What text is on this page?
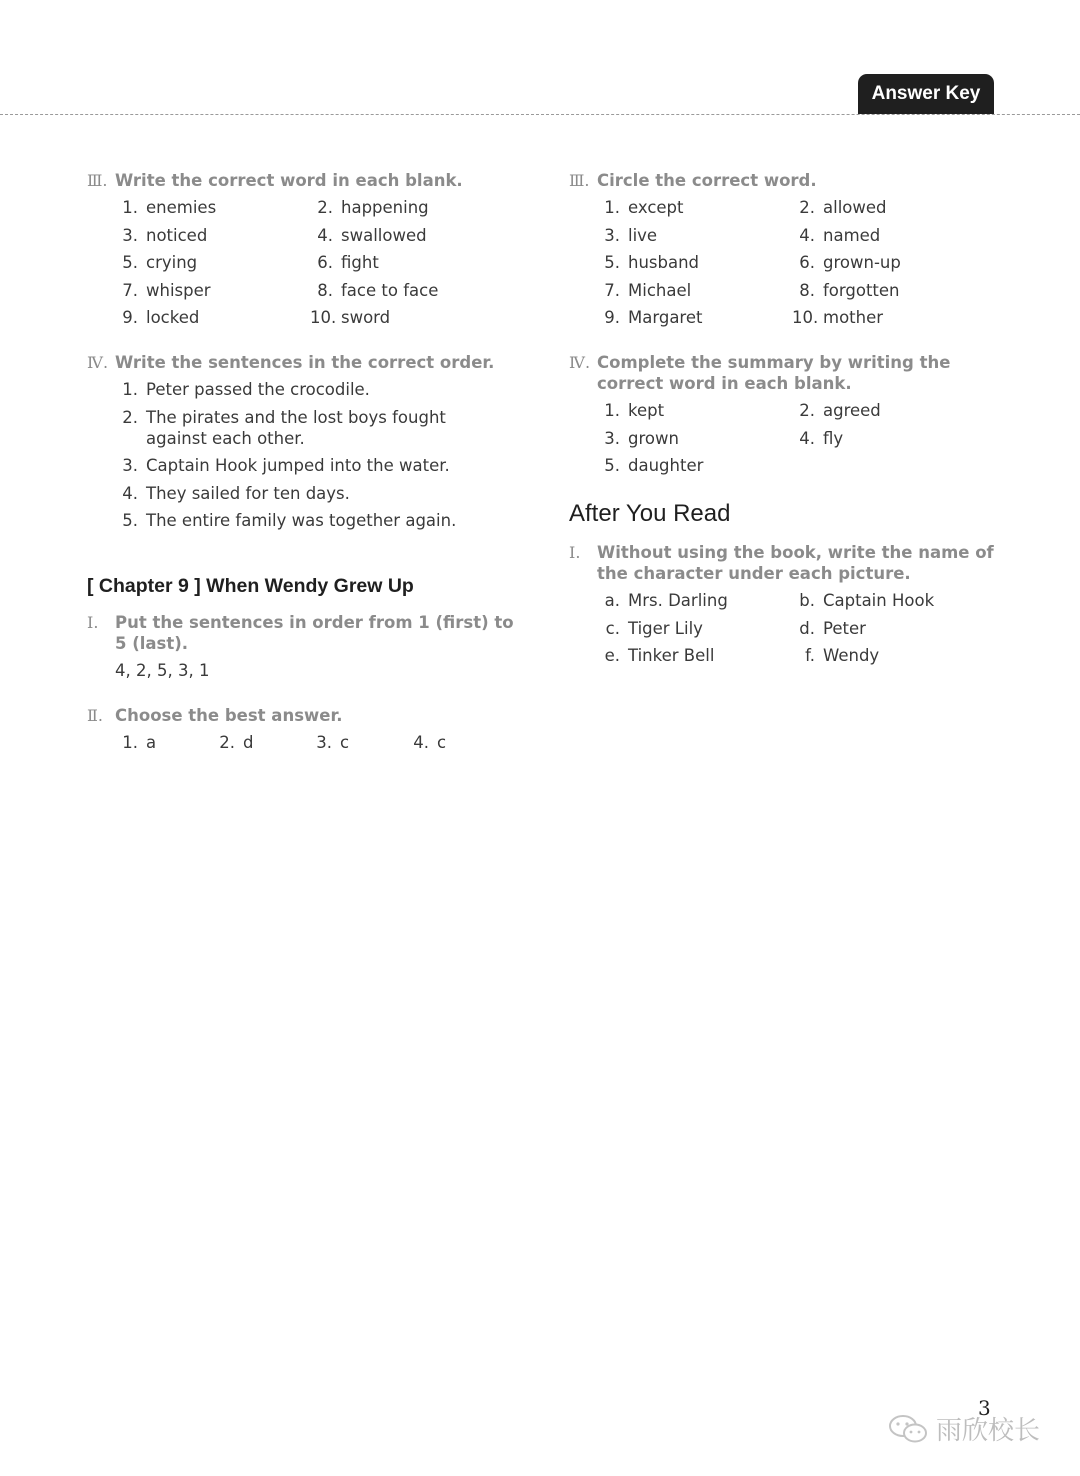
Answer Key
Ⅲ. Write the correct word in each blank.
1. enemies	2. happening
3. noticed	4. swallowed
5. crying	6. fight
7. whisper	8. face to face
9. locked	10. sword
Ⅳ. Write the sentences in the correct order.
1. Peter passed the crocodile.
2. The pirates and the lost boys fought against each other.
3. Captain Hook jumped into the water.
4. They sailed for ten days.
5. The entire family was together again.
[ Chapter 9 ] When Wendy Grew Up
Ⅰ.	Put the sentences in order from 1 (first) to 5 (last).
4, 2, 5, 3, 1
Ⅱ. Choose the best answer.
1. a	2. d	3. c	4. c
Ⅲ. Circle the correct word.
1. except	2. allowed
3. live	4. named
5. husband	6. grown-up
7. Michael	8. forgotten
9. Margaret	10. mother
Ⅳ. Complete the summary by writing the correct word in each blank.
1. kept	2. agreed
3. grown	4. fly
5. daughter
After You Read
Ⅰ.	Without using the book, write the name of the character under each picture.
a. Mrs. Darling	b. Captain Hook
c. Tiger Lily	d. Peter
e. Tinker Bell	f. Wendy
3
雨欣校长
